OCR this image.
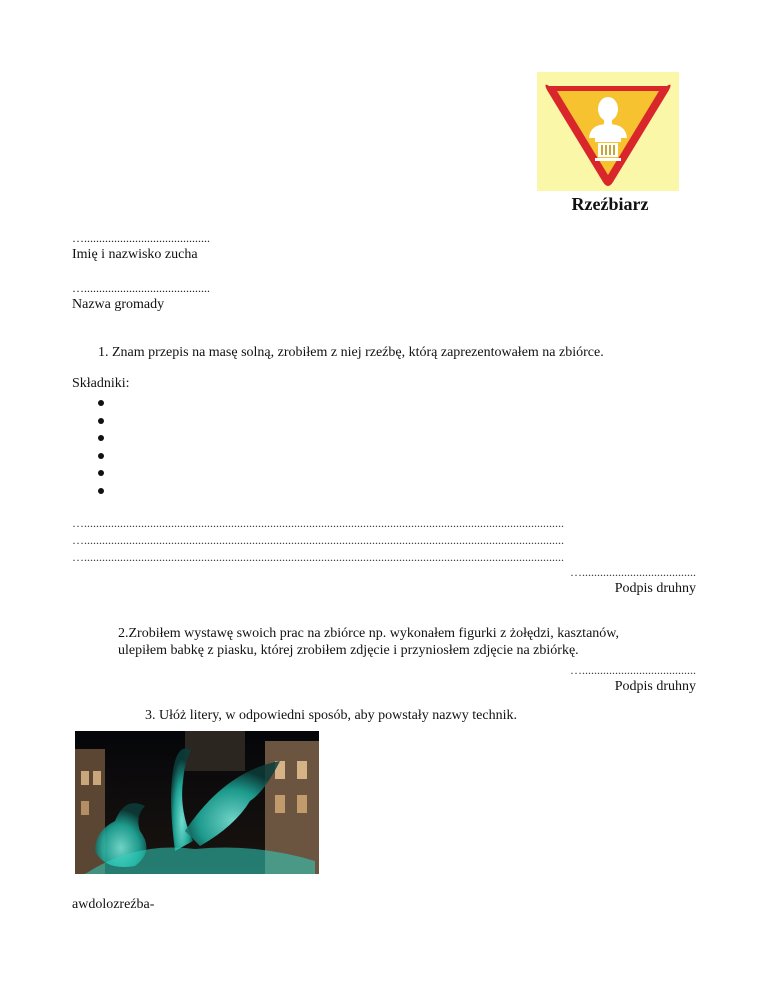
Rzeźbiarz
…..........................................
Imię i nazwisko zucha
…..........................................
Nazwa gromady
1. Znam przepis na masę solną, zrobiłem z niej rzeźbę, którą zaprezentowałem na zbiórce.
Składniki:
…................................................................................................................................................................
…................................................................................................................................................................
…................................................................................................................................................................
…......................................
Podpis druhny
2.Zrobiłem wystawę swoich prac na zbiórce np. wykonałem figurki z żołędzi, kasztanów,
ulepiłem babkę z piasku, której zrobiłem zdjęcie i przyniosłem zdjęcie na zbiórkę.
…......................................
Podpis druhny
3. Ułóż litery, w odpowiedni sposób, aby powstały nazwy technik.
awdolozreźba-
